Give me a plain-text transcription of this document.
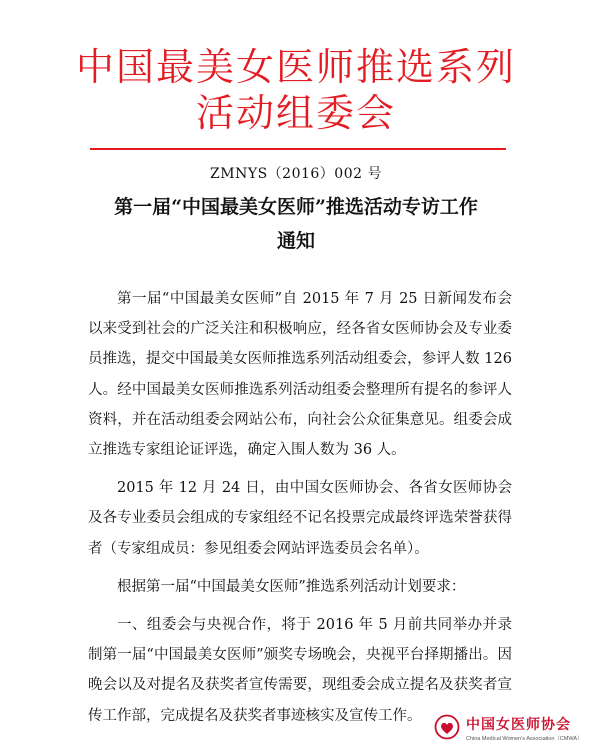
中国最美女医师推选系列
活动组委会
ZMNYS（2016）002 号
第一届“中国最美女医师”推选活动专访工作
通知

第一届“中国最美女医师”自 2015 年 7 月 25 日新闻发布会以来受到社会的广泛关注和积极响应，经各省女医师协会及专业委员推选，提交中国最美女医师推选系列活动组委会，参评人数 126 人。经中国最美女医师推选系列活动组委会整理所有提名的参评人资料，并在活动组委会网站公布，向社会公众征集意见。组委会成立推选专家组论证评选，确定入围人数为 36 人。

2015 年 12 月 24 日，由中国女医师协会、各省女医师协会及各专业委员会组成的专家组经不记名投票完成最终评选荣誉获得者（专家组成员：参见组委会网站评选委员会名单）。

根据第一届“中国最美女医师”推选系列活动计划要求：

一、组委会与央视合作，将于 2016 年 5 月前共同举办并录制第一届“中国最美女医师”颁奖专场晚会，央视平台择期播出。因晚会以及对提名及获奖者宣传需要，现组委会成立提名及获奖者宣传工作部，完成提名及获奖者事迹核实及宣传工作。

中国女医师协会
China Medical Women's Association（CMWA）
